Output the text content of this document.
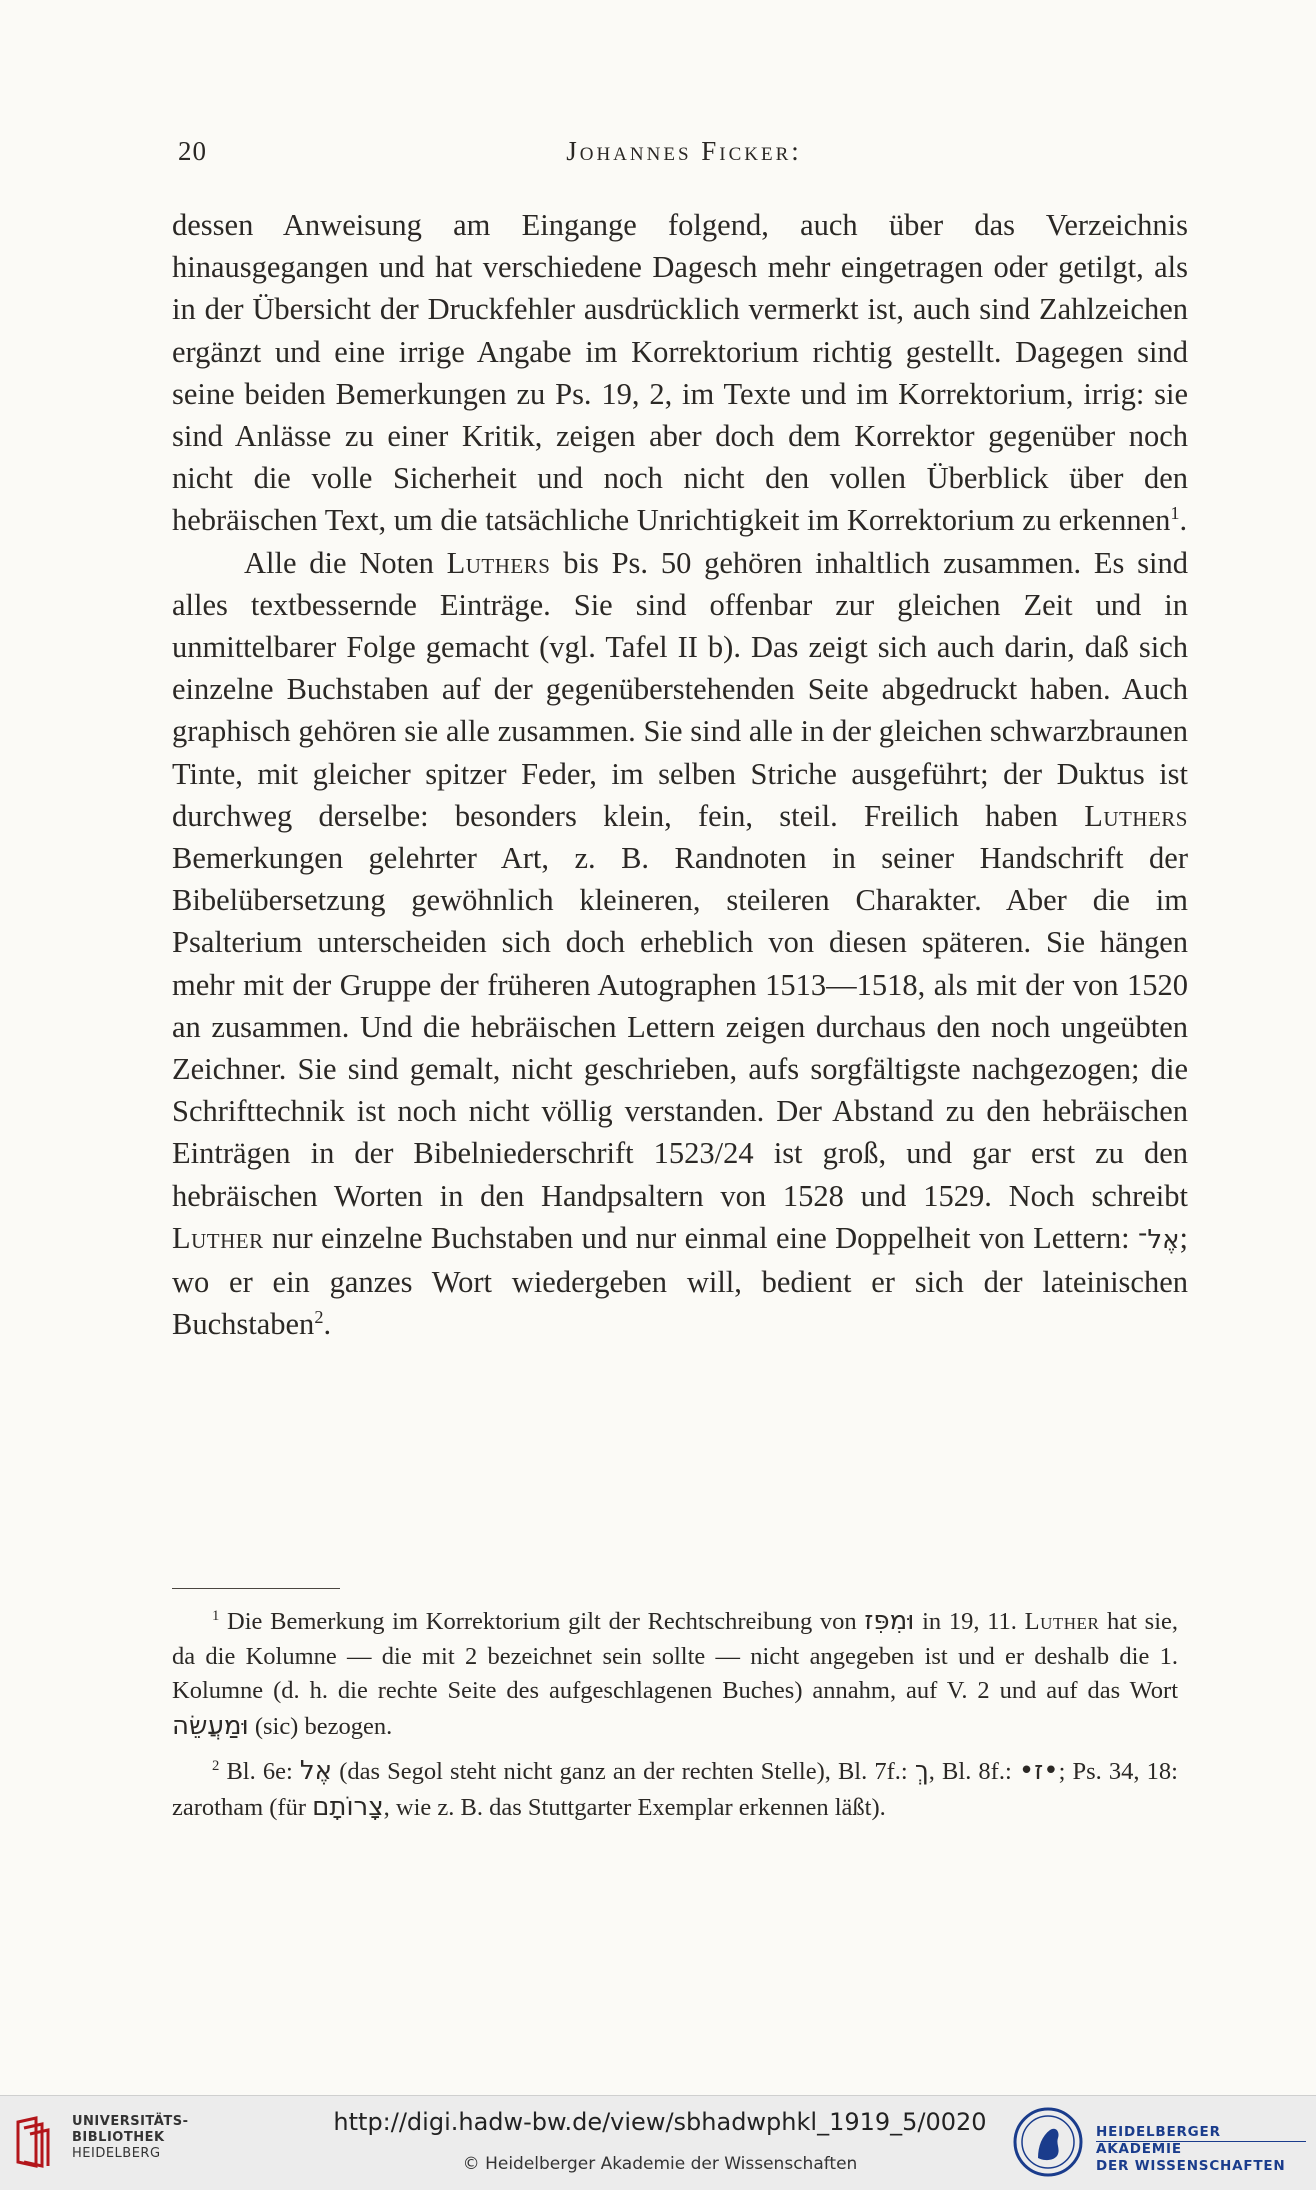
20	Johannes Ficker:

dessen Anweisung am Eingange folgend, auch über das Verzeichnis hinausgegangen und hat verschiedene Dagesch mehr eingetragen oder getilgt, als in der Übersicht der Druckfehler ausdrücklich vermerkt ist, auch sind Zahlzeichen ergänzt und eine irrige Angabe im Korrektorium richtig gestellt. Dagegen sind seine beiden Bemerkungen zu Ps. 19, 2, im Texte und im Korrektorium, irrig: sie sind Anlässe zu einer Kritik, zeigen aber doch dem Korrektor gegenüber noch nicht die volle Sicherheit und noch nicht den vollen Überblick über den hebräischen Text, um die tatsächliche Unrichtigkeit im Korrektorium zu erkennen$^1$.

Alle die Noten Luthers bis Ps. 50 gehören inhaltlich zusammen. Es sind alles textbessernde Einträge. Sie sind offenbar zur gleichen Zeit und in unmittelbarer Folge gemacht (vgl. Tafel II b). Das zeigt sich auch darin, daß sich einzelne Buchstaben auf der gegenüberstehenden Seite abgedruckt haben. Auch graphisch gehören sie alle zusammen. Sie sind alle in der gleichen schwarzbraunen Tinte, mit gleicher spitzer Feder, im selben Striche ausgeführt; der Duktus ist durchweg derselbe: besonders klein, fein, steil. Freilich haben Luthers Bemerkungen gelehrter Art, z. B. Randnoten in seiner Handschrift der Bibelübersetzung gewöhnlich kleineren, steileren Charakter. Aber die im Psalterium unterscheiden sich doch erheblich von diesen späteren. Sie hängen mehr mit der Gruppe der früheren Autographen 1513—1518, als mit der von 1520 an zusammen. Und die hebräischen Lettern zeigen durchaus den noch ungeübten Zeichner. Sie sind gemalt, nicht geschrieben, aufs sorgfältigste nachgezogen; die Schrifttechnik ist noch nicht völlig verstanden. Der Abstand zu den hebräischen Einträgen in der Bibelniederschrift 1523/24 ist groß, und gar erst zu den hebräischen Worten in den Handpsaltern von 1528 und 1529. Noch schreibt Luther nur einzelne Buchstaben und nur einmal eine Doppelheit von Lettern: אֶל־; wo er ein ganzes Wort wiedergeben will, bedient er sich der lateinischen Buchstaben$^2$.

$^1$ Die Bemerkung im Korrektorium gilt der Rechtschreibung von וּמִפִּז in 19, 11. Luther hat sie, da die Kolumne — die mit 2 bezeichnet sein sollte — nicht angegeben ist und er deshalb die 1. Kolumne (d. h. die rechte Seite des aufgeschlagenen Buches) annahm, auf V. 2 und auf das Wort וּמַעֲשֵׂה (sic) bezogen.

$^2$ Bl. 6e: אֶל (das Segol steht nicht ganz an der rechten Stelle), Bl. 7f.: ךְ, Bl. 8f.: •ז•; Ps. 34, 18: zarotham (für צָרוֹתָם, wie z. B. das Stuttgarter Exemplar erkennen läßt).

UNIVERSITÄTS-
BIBLIOTHEK
HEIDELBERG
http://digi.hadw-bw.de/view/sbhadwphkl_1919_5/0020
© Heidelberger Akademie der Wissenschaften
HEIDELBERGER AKADEMIE
DER WISSENSCHAFTEN
